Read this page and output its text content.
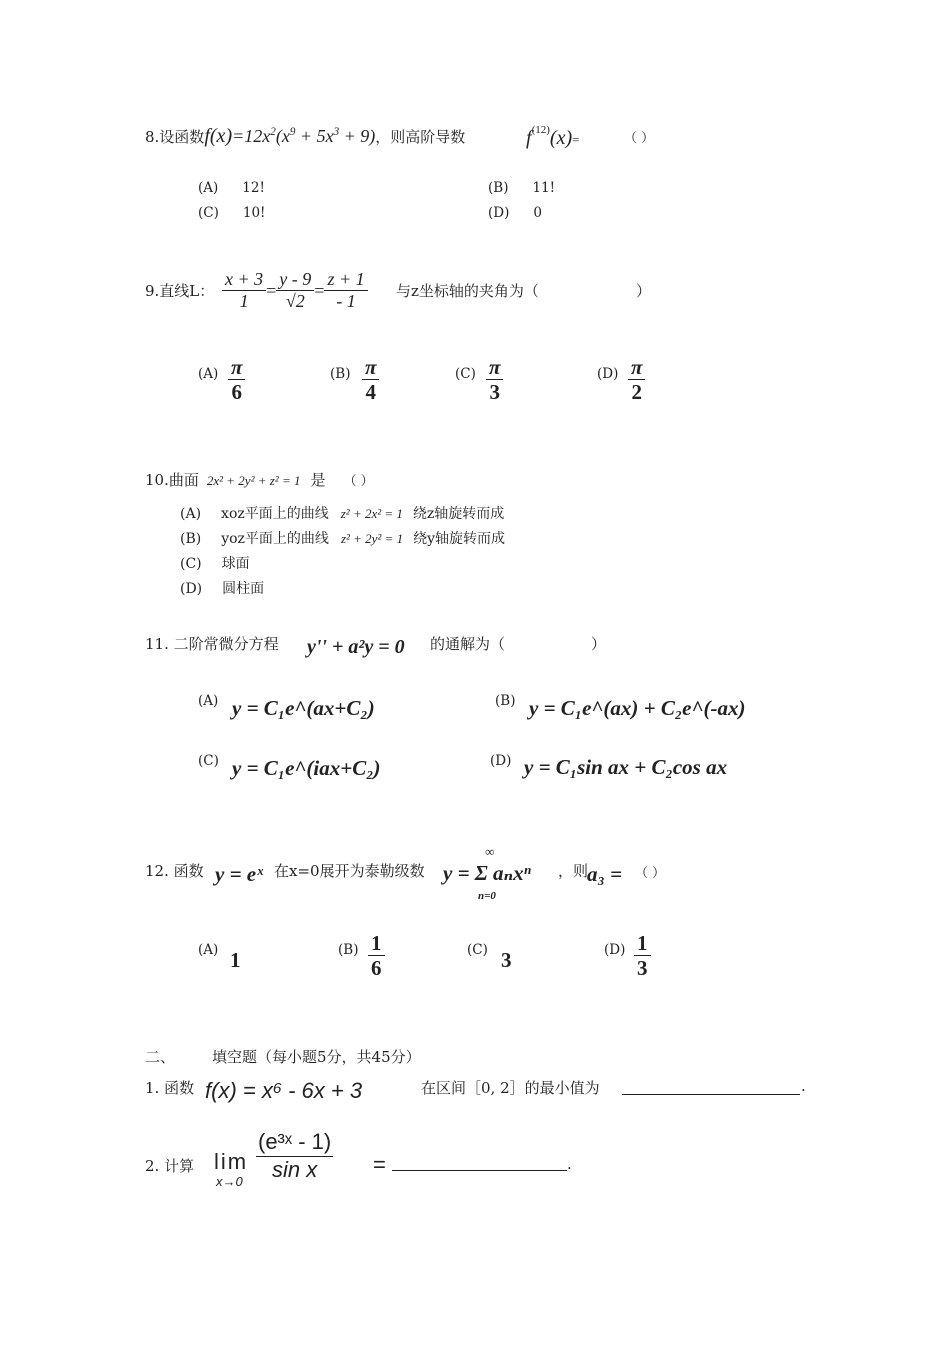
8.设函数$f(x)=12x^2(x^9 + 5x^3 + 9)$，则高阶导数	$f^{(12)}(x)=$	（ ）
(A) 12!	(B) 11!
(C) 10!	(D) 0
9.直线L： $\frac{x + 3}{1} = \frac{y - 9}{√2} = \frac{z + 1}{- 1}$ 与z坐标轴的夹角为（	）
$(A) \frac{\pi}{6}$	$(B) \frac{\pi}{4}$	$(C) \frac{\pi}{3}$	$(D) \frac{\pi}{2}$
10.曲面 2x² + 2y² + z² = 1 是 （ ）
(A) xoz平面上的曲线 z² + 2x² = 1 绕z轴旋转而成
(B) yoz平面上的曲线 z² + 2y² = 1 绕y轴旋转而成
(C) 球面
(D) 圆柱面
11. 二阶常微分方程 y'' + a²y = 0 的通解为（	）
(A) y = C₁e^(ax+C₂)	(B) y = C₁e^(ax) + C₂e^(-ax)
(C) y = C₁e^(iax+C₂)	(D) y = C₁sin ax + C₂cos ax
12. 函数 y = eˣ 在x=0展开为泰勒级数
∞
y = Σ aₙxⁿ
n=0
，则
a₃ = （ ）
(A) 1	$(B) \frac{1}{6}$	(C) 3	$(D) \frac{1}{3}$
二、 填空题（每小题5分，共45分）
1. 函数 f(x) = x⁶ - 6x + 3	在区间［0, 2］的最小值为	.
2. 计算 lim
$x\to 0 \frac{\text{(e³ˣ - 1)}}{\text{sin x}}$ =	.
